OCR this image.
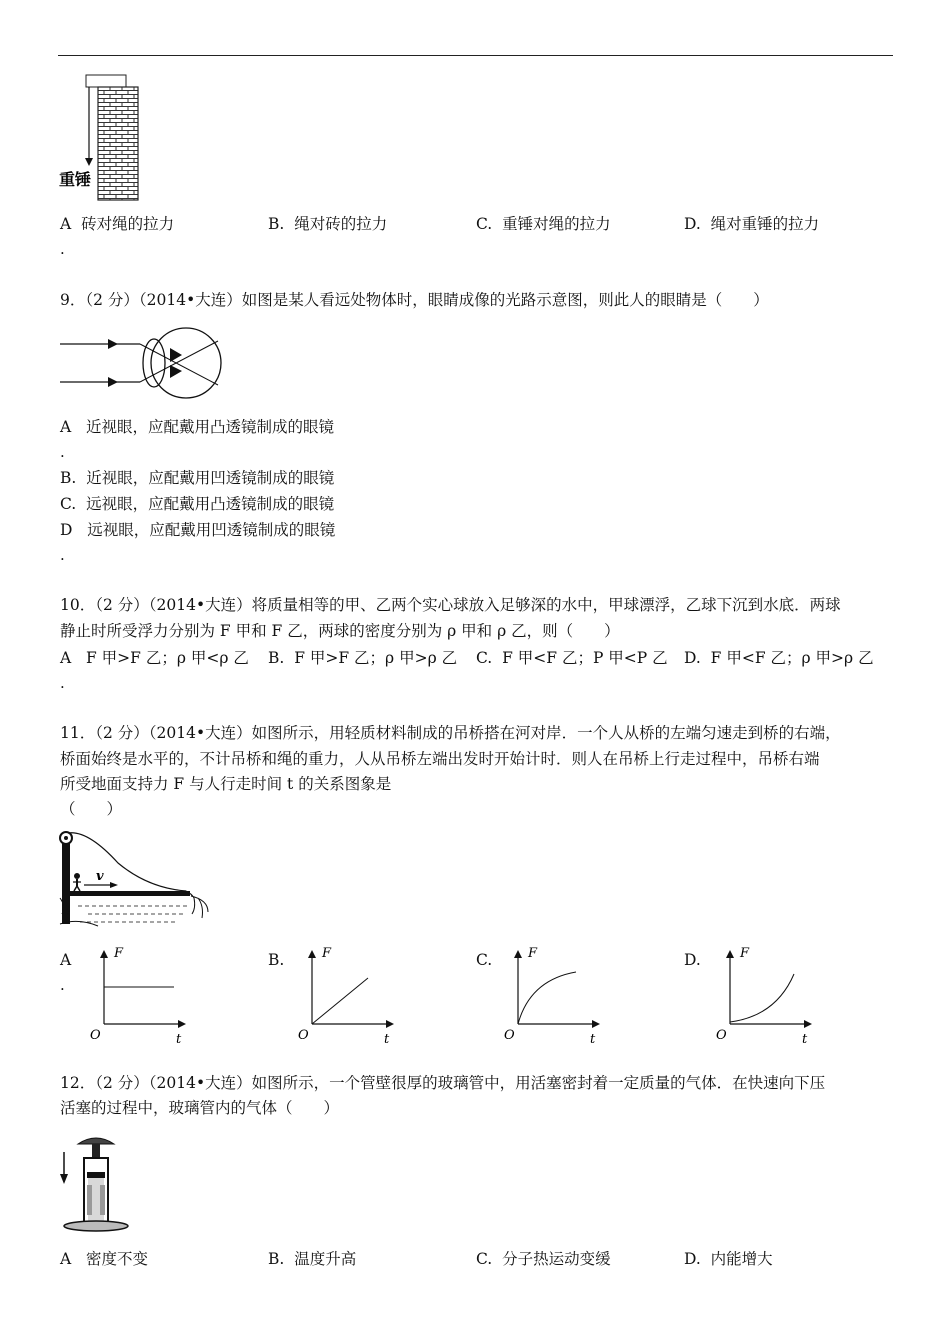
重锤
A 砖对绳的拉力	B. 绳对砖的拉力	C. 重锤对绳的拉力	D. 绳对重锤的拉力
.
9．（2 分）（2014•大连）如图是某人看远处物体时，眼睛成像的光路示意图，则此人的眼睛是（　　）
A 近视眼，应配戴用凸透镜制成的眼镜
.
B. 近视眼，应配戴用凹透镜制成的眼镜
C. 远视眼，应配戴用凸透镜制成的眼镜
D 远视眼，应配戴用凹透镜制成的眼镜
.
10．（2 分）（2014•大连）将质量相等的甲、乙两个实心球放入足够深的水中，甲球漂浮，乙球下沉到水底．两球
静止时所受浮力分别为 F 甲和 F 乙，两球的密度分别为 ρ 甲和 ρ 乙，则（　　）
A F 甲>F 乙；ρ 甲<ρ 乙 B. F 甲>F 乙；ρ 甲>ρ 乙 C. F 甲<F 乙；P 甲<P 乙 D. F 甲<F 乙；ρ 甲>ρ 乙
.
11．（2 分）（2014•大连）如图所示，用轻质材料制成的吊桥搭在河对岸．一个人从桥的左端匀速走到桥的右端，
桥面始终是水平的，不计吊桥和绳的重力，人从吊桥左端出发时开始计时．则人在吊桥上行走过程中，吊桥右端
所受地面支持力 F 与人行走时间 t 的关系图象是
（　　）
v
A
.
F
t
O
B.	F
t
O
C.	F
t
O
D.	F
t
O
12．（2 分）（2014•大连）如图所示，一个管壁很厚的玻璃管中，用活塞密封着一定质量的气体．在快速向下压
活塞的过程中，玻璃管内的气体（　　）
A 密度不变	B. 温度升高	C. 分子热运动变缓	D. 内能增大
